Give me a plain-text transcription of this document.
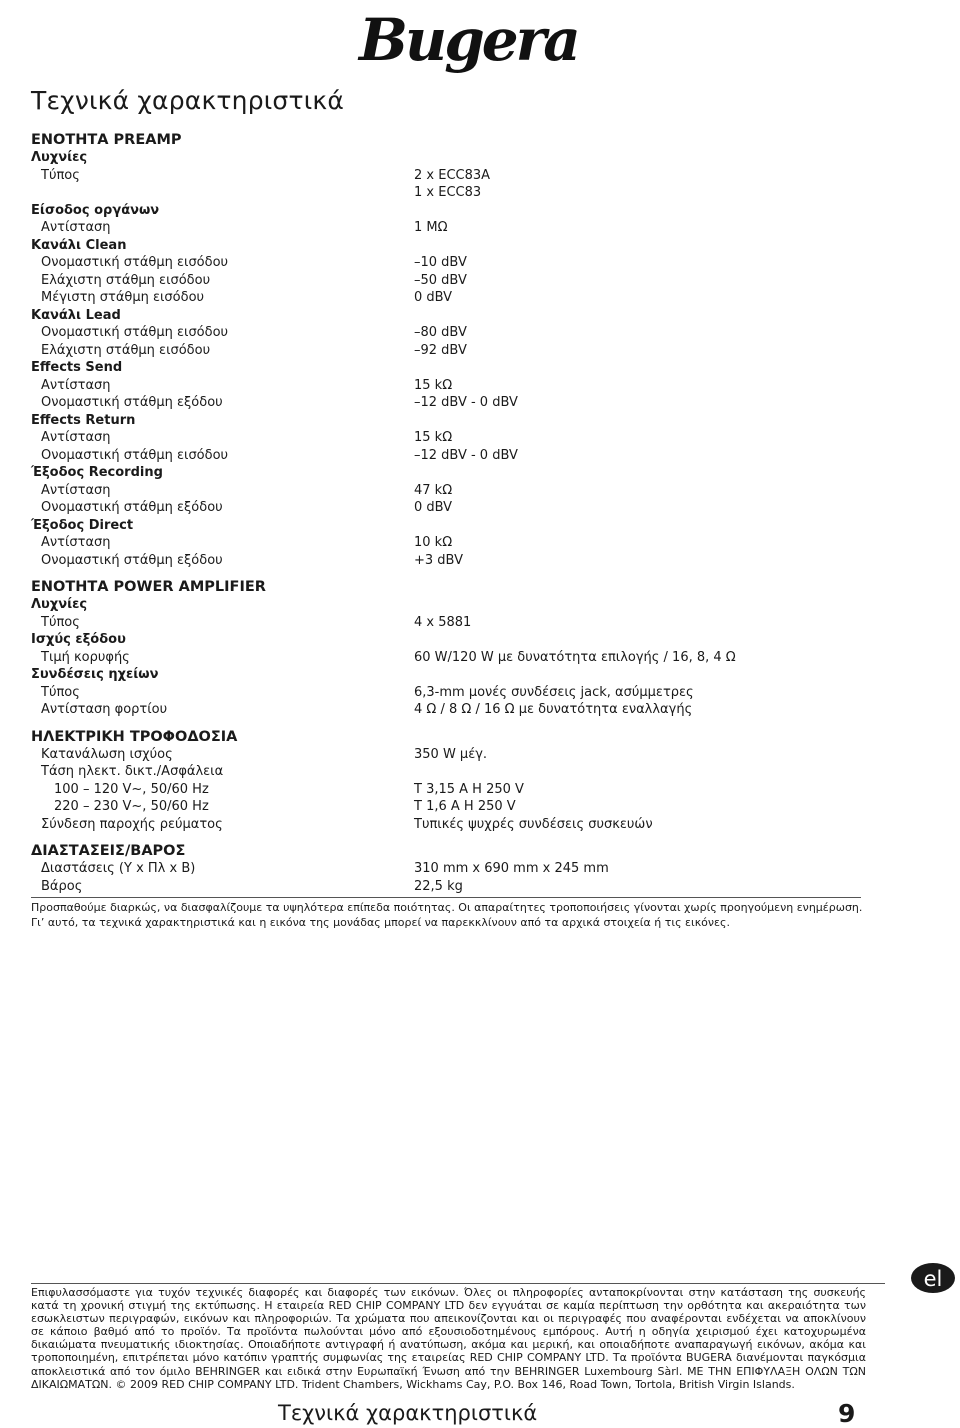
Bugera
Τεχνικά χαρακτηριστικά
ΕΝΟΤΗΤΑ PREAMP
Λυχνίες
Τύπος	2 x ECC83A
1 x ECC83
Είσοδος οργάνων
Αντίσταση	1 MΩ
Κανάλι Clean
Ονομαστική στάθμη εισόδου	–10 dBV
Ελάχιστη στάθμη εισόδου	–50 dBV
Μέγιστη στάθμη εισόδου	0 dBV
Κανάλι Lead
Ονομαστική στάθμη εισόδου	–80 dBV
Ελάχιστη στάθμη εισόδου	–92 dBV
Effects Send
Αντίσταση	15 kΩ
Ονομαστική στάθμη εξόδου	–12 dBV - 0 dBV
Effects Return
Αντίσταση	15 kΩ
Ονομαστική στάθμη εισόδου	–12 dBV - 0 dBV
Έξοδος Recording
Αντίσταση	47 kΩ
Ονομαστική στάθμη εξόδου	0 dBV
Έξοδος Direct
Αντίσταση	10 kΩ
Ονομαστική στάθμη εξόδου	+3 dBV
ΕΝΟΤΗΤΑ POWER AMPLIFIER
Λυχνίες
Τύπος	4 x 5881
Ισχύς εξόδου
Τιμή κορυφής	60 W/120 W με δυνατότητα επιλογής / 16, 8, 4 Ω
Συνδέσεις ηχείων
Τύπος	6,3-mm μονές συνδέσεις jack, ασύμμετρες
Αντίσταση φορτίου	4 Ω / 8 Ω / 16 Ω με δυνατότητα εναλλαγής
ΗΛΕΚΤΡΙΚΗ ΤΡΟΦΟΔΟΣΙΑ
Κατανάλωση ισχύος	350 W μέγ.
Τάση ηλεκτ. δικτ./Ασφάλεια
100 – 120 V~, 50/60 Hz	T 3,15 A H 250 V
220 – 230 V~, 50/60 Hz	T 1,6 A H 250 V
Σύνδεση παροχής ρεύματος	Τυπικές ψυχρές συνδέσεις συσκευών
ΔΙΑΣΤΑΣΕΙΣ/ΒΑΡΟΣ
Διαστάσεις (Y x Πλ x Β)	310 mm x 690 mm x 245 mm
Βάρος	22,5 kg

Προσπαθούμε διαρκώς, να διασφαλίζουμε τα υψηλότερα επίπεδα ποιότητας. Οι απαραίτητες τροποποιήσεις γίνονται χωρίς προηγούμενη ενημέρωση. Γι’ αυτό, τα τεχνικά χαρακτηριστικά και η εικόνα της μονάδας μπορεί να παρεκκλίνουν από τα αρχικά στοιχεία ή τις εικόνες.

el

Επιφυλασσόμαστε για τυχόν τεχνικές διαφορές και διαφορές των εικόνων. Όλες οι πληροφορίες ανταποκρίνονται στην κατάσταση της συσκευής κατά τη χρονική στιγμή της εκτύπωσης. Η εταιρεία RED CHIP COMPANY LTD δεν εγγυάται σε καμία περίπτωση την ορθότητα και ακεραιότητα των εσωκλειστων περιγραφών, εικόνων και πληροφοριών. Τα χρώματα που απεικονίζονται και οι περιγραφές που αναφέρονται ενδέχεται να αποκλίνουν σε κάποιο βαθμό από το προϊόν. Τα προϊόντα πωλούνται μόνο από εξουσιοδοτημένους εμπόρους. Αυτή η οδηγία χειρισμού έχει κατοχυρωμένα δικαιώματα πνευματικής ιδιοκτησίας. Οποιαδήποτε αντιγραφή ή ανατύπωση, ακόμα και μερική, και οποιαδήποτε αναπαραγωγή εικόνων, ακόμα και τροποποιημένη, επιτρέπεται μόνο κατόπιν γραπτής συμφωνίας της εταιρείας RED CHIP COMPANY LTD. Τα προϊόντα BUGERA διανέμονται παγκόσμια αποκλειστικά από τον όμιλο BEHRINGER και ειδικά στην Ευρωπαϊκή Ένωση από την BEHRINGER Luxembourg Sàrl. ΜΕ ΤΗΝ ΕΠΙΦΥΛΑΞΗ ΟΛΩΝ ΤΩΝ ΔΙΚΑΙΩΜΑΤΩΝ. © 2009 RED CHIP COMPANY LTD. Trident Chambers, Wickhams Cay, P.O. Box 146, Road Town, Tortola, British Virgin Islands.

Τεχνικά χαρακτηριστικά	9
